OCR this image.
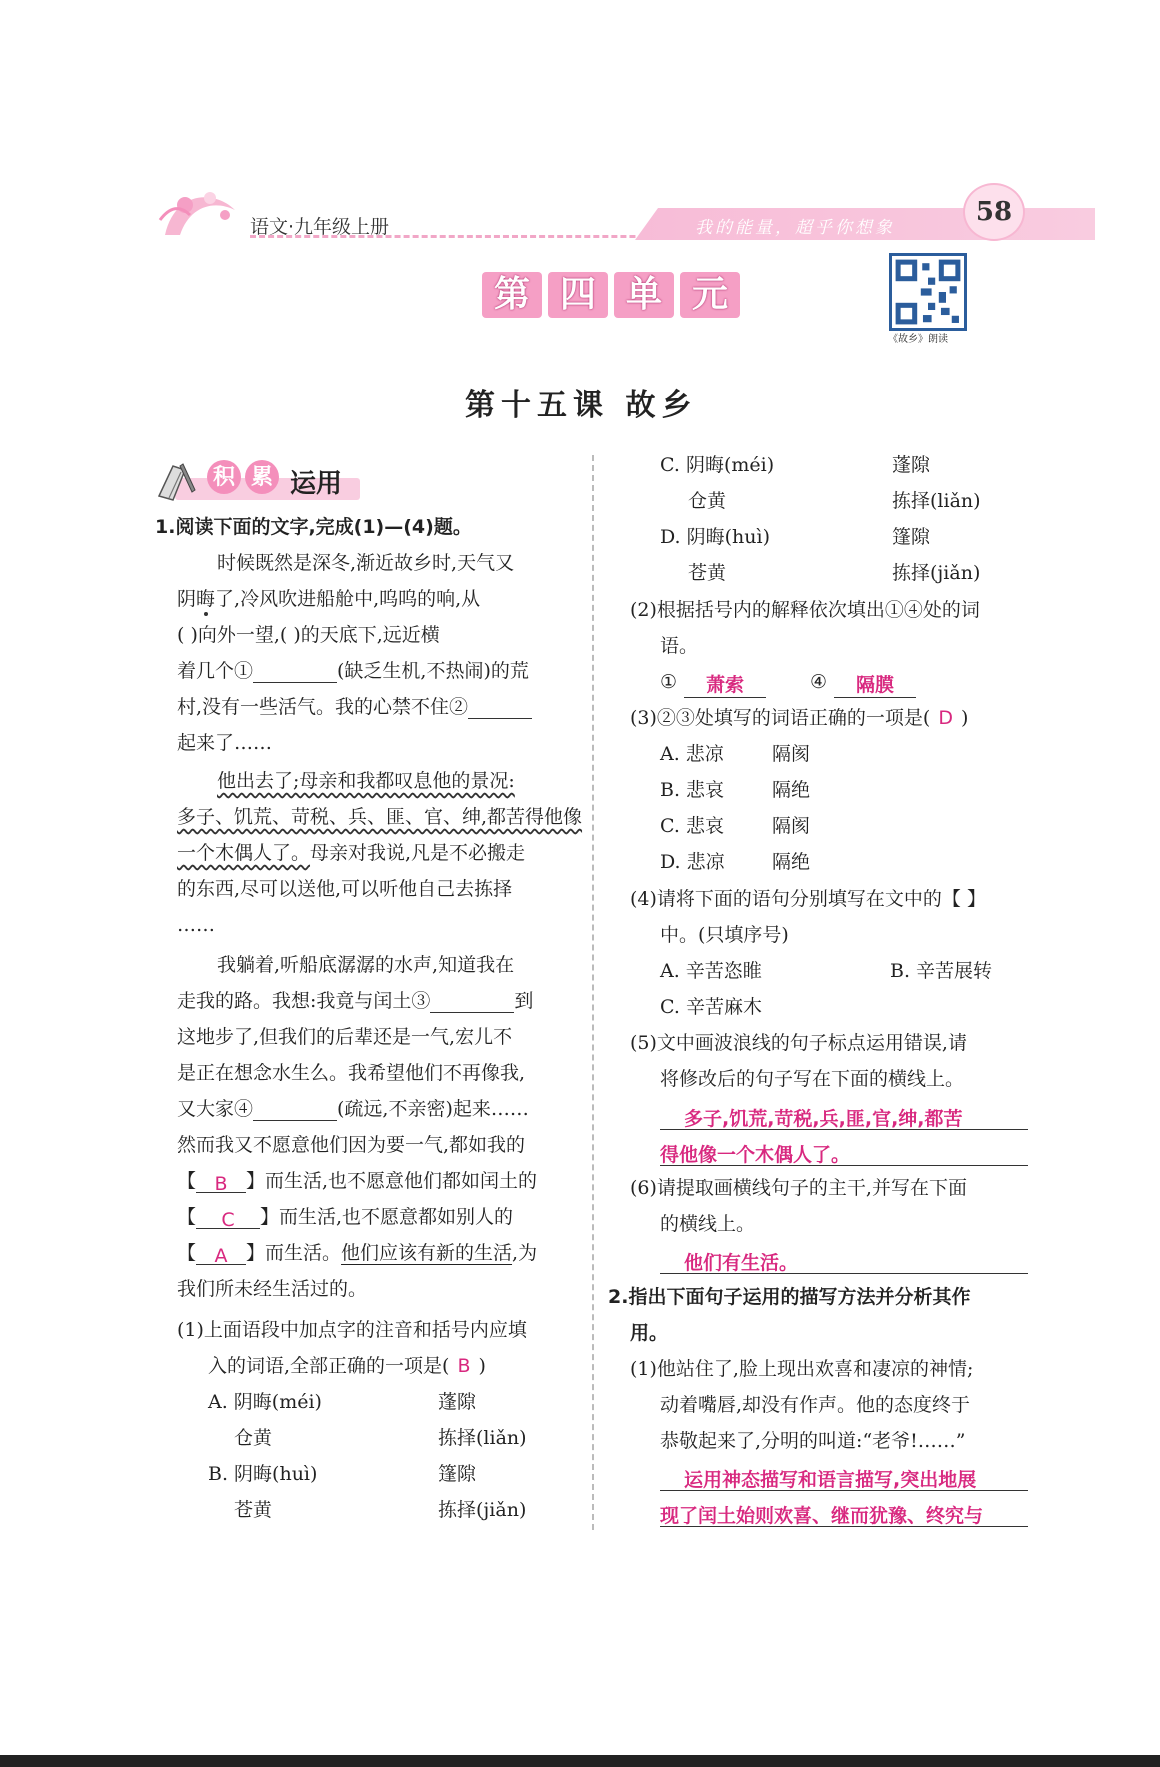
语文·九年级上册	我的能量，超乎你想象
58
第 四 单 元
《故乡》朗读
第十五课 故乡
积 累 运用
1.阅读下面的文字,完成(1)—(4)题。
时候既然是深冬,渐近故乡时,天气又
阴晦了,冷风吹进船舱中,呜呜的响,从
( )向外一望,( )的天底下,远近横
着几个①	(缺乏生机,不热闹)的荒
村,没有一些活气。我的心禁不住②
起来了……
他出去了;母亲和我都叹息他的景况:
多子、饥荒、苛税、兵、匪、官、绅,都苦得他像
一个木偶人了。母亲对我说,凡是不必搬走
的东西,尽可以送他,可以听他自己去拣择
……
我躺着,听船底潺潺的水声,知道我在
走我的路。我想:我竟与闰土③	到
这地步了,但我们的后辈还是一气,宏儿不
是正在想念水生么。我希望他们不再像我,
又大家④	(疏远,不亲密)起来……
然而我又不愿意他们因为要一气,都如我的
【 B 】而生活,也不愿意他们都如闰土的
【 C 】而生活,也不愿意都如别人的
【 A 】而生活。他们应该有新的生活,为
我们所未经生活过的。
(1)上面语段中加点字的注音和括号内应填
入的词语,全部正确的一项是( B )
A. 阴晦(méi)	蓬隙
仓黄	拣择(liǎn)
B. 阴晦(huì)	篷隙
苍黄	拣择(jiǎn)
C. 阴晦(méi)	蓬隙
仓黄	拣择(liǎn)
D. 阴晦(huì)	篷隙
苍黄	拣择(jiǎn)
(2)根据括号内的解释依次填出①④处的词
语。
①	萧索	④	隔膜
(3)②③处填写的词语正确的一项是( D )
A. 悲凉	隔阂
B. 悲哀	隔绝
C. 悲哀	隔阂
D. 悲凉 隔绝
(4)请将下面的语句分别填写在文中的【 】
中。(只填序号)
A. 辛苦恣睢	B. 辛苦展转
C. 辛苦麻木
(5)文中画波浪线的句子标点运用错误,请
将修改后的句子写在下面的横线上。
多子,饥荒,苛税,兵,匪,官,绅,都苦
得他像一个木偶人了。
(6)请提取画横线句子的主干,并写在下面
的横线上。
他们有生活。
2.指出下面句子运用的描写方法并分析其作
用。
(1)他站住了,脸上现出欢喜和凄凉的神情;
动着嘴唇,却没有作声。他的态度终于
恭敬起来了,分明的叫道:“老爷!……”
运用神态描写和语言描写,突出地展
现了闰土始则欢喜、继而犹豫、终究与
